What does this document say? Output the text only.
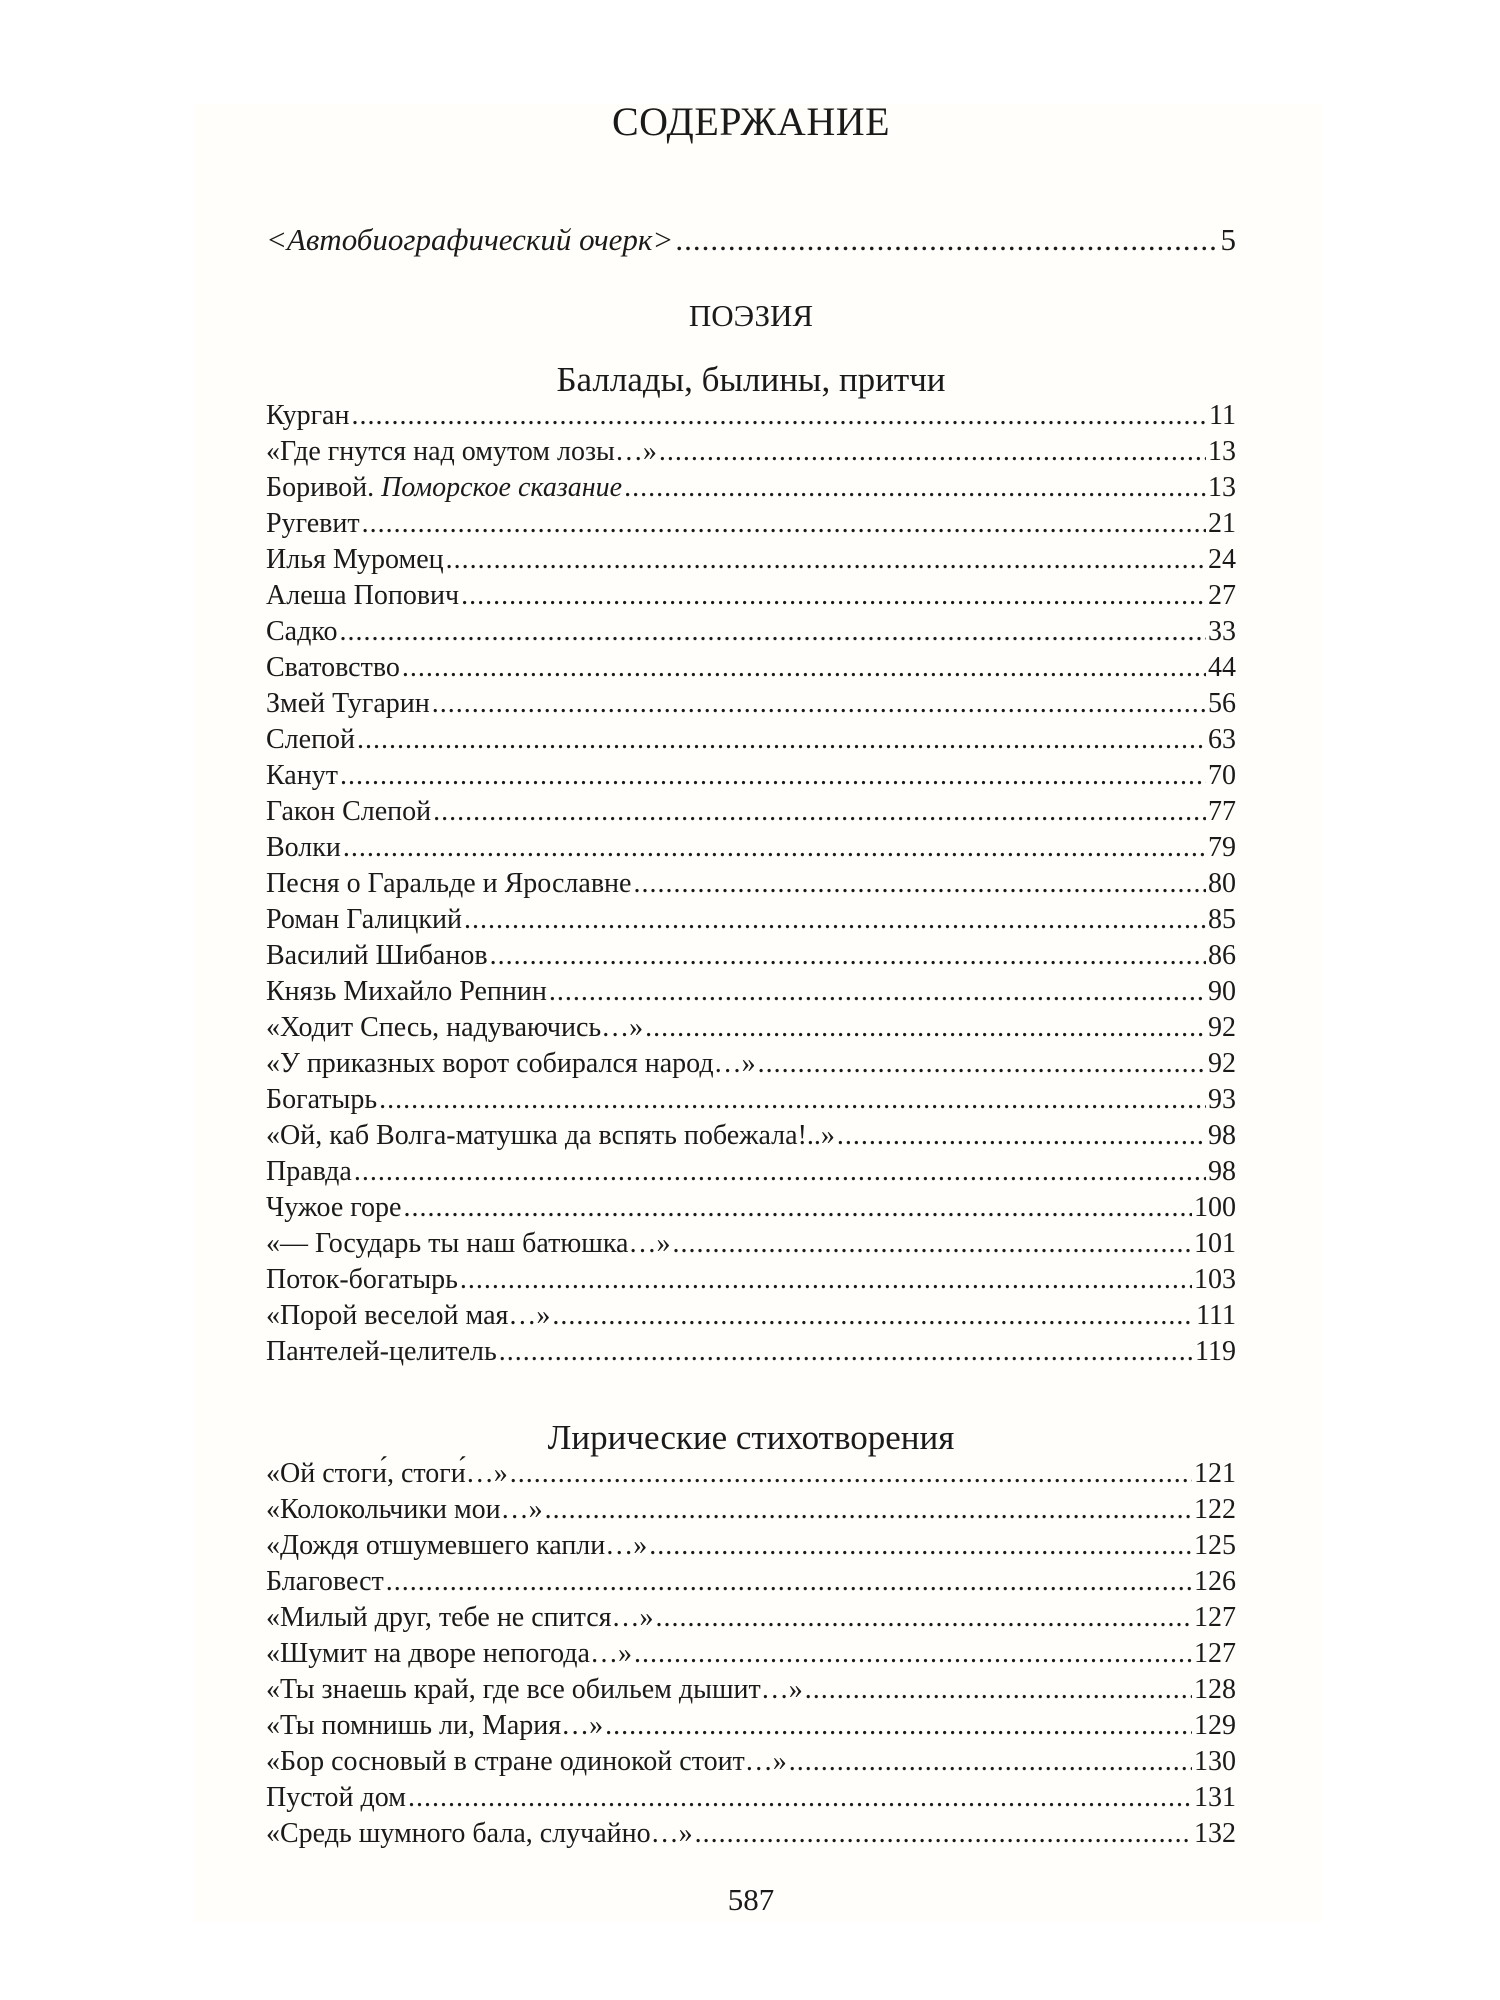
СОДЕРЖАНИЕ
<Автобиографический очерк> .....	5
ПОЭЗИЯ
Баллады, былины, притчи
Курган .....	11
«Где гнутся над омутом лозы…» .....	13
Боривой. Поморское сказание .....	13
Ругевит .....	21
Илья Муромец .....	24
Алеша Попович .....	27
Садко .....	33
Сватовство .....	44
Змей Тугарин .....	56
Слепой .....	63
Канут .....	70
Гакон Слепой .....	77
Волки .....	79
Песня о Гаральде и Ярославне .....	80
Роман Галицкий .....	85
Василий Шибанов .....	86
Князь Михайло Репнин .....	90
«Ходит Спесь, надуваючись…» .....	92
«У приказных ворот собирался народ…» .....	92
Богатырь .....	93
«Ой, каб Волга-матушка да вспять побежала!..» .....	98
Правда .....	98
Чужое горе .....	100
«— Государь ты наш батюшка…» .....	101
Поток-богатырь .....	103
«Порой веселой мая…» .....	111
Пантелей-целитель .....	119
Лирические стихотворения
«Ой стоги́, стоги́…» .....	121
«Колокольчики мои…» .....	122
«Дождя отшумевшего капли…» .....	125
Благовест .....	126
«Милый друг, тебе не спится…» .....	127
«Шумит на дворе непогода…» .....	127
«Ты знаешь край, где все обильем дышит…» .....	128
«Ты помнишь ли, Мария…» .....	129
«Бор сосновый в стране одинокой стоит…» .....	130
Пустой дом .....	131
«Средь шумного бала, случайно…» .....	132
587
